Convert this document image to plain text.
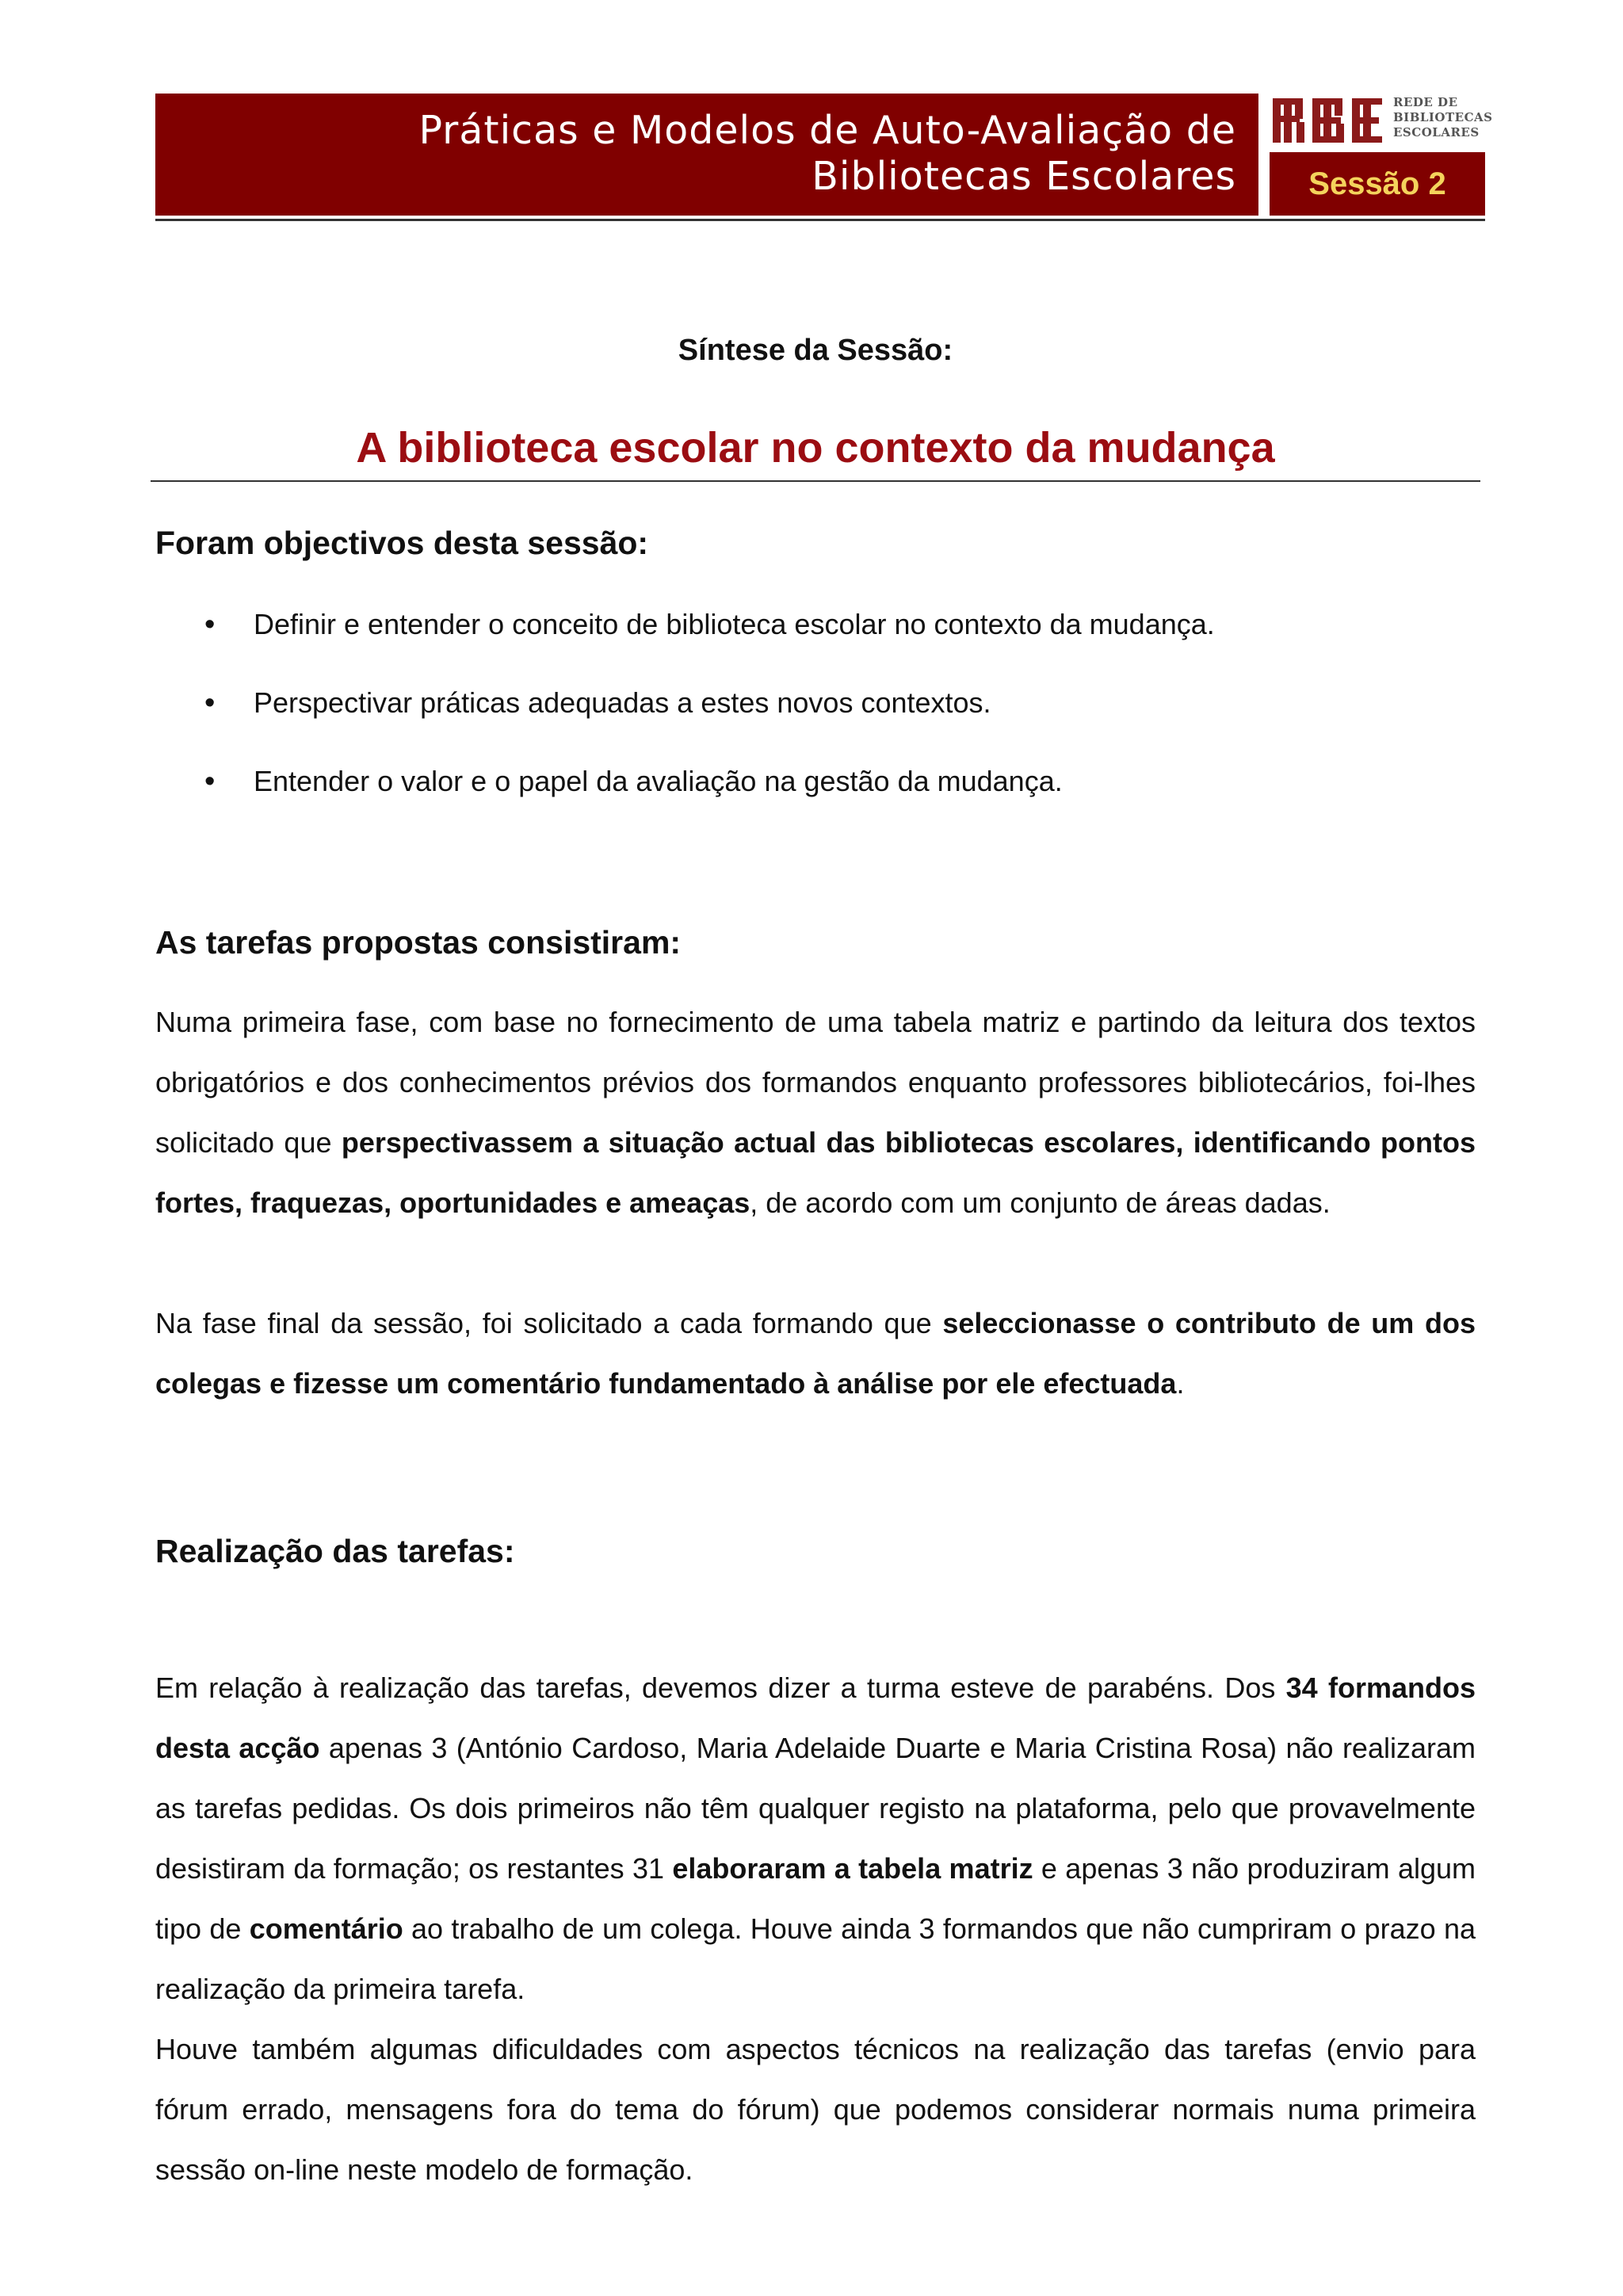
Práticas e Modelos de Auto-Avaliação de
Bibliotecas Escolares
REDE DE
BIBLIOTECAS
ESCOLARES
Sessão 2
Síntese da Sessão:
A biblioteca escolar no contexto da mudança
Foram objectivos desta sessão:
• Definir e entender o conceito de biblioteca escolar no contexto da mudança.
• Perspectivar práticas adequadas a estes novos contextos.
• Entender o valor e o papel da avaliação na gestão da mudança.
As tarefas propostas consistiram:

Numa primeira fase, com base no fornecimento de uma tabela matriz e partindo da leitura dos textos obrigatórios e dos conhecimentos prévios dos formandos enquanto professores bibliotecários, foi-lhes solicitado que perspectivassem a situação actual das bibliotecas escolares, identificando pontos fortes, fraquezas, oportunidades e ameaças, de acordo com um conjunto de áreas dadas.

Na fase final da sessão, foi solicitado a cada formando que seleccionasse o contributo de um dos colegas e fizesse um comentário fundamentado à análise por ele efectuada.

Realização das tarefas:

Em relação à realização das tarefas, devemos dizer a turma esteve de parabéns. Dos 34 formandos desta acção apenas 3 (António Cardoso, Maria Adelaide Duarte e Maria Cristina Rosa) não realizaram as tarefas pedidas. Os dois primeiros não têm qualquer registo na plataforma, pelo que provavelmente desistiram da formação; os restantes 31 elaboraram a tabela matriz e apenas 3 não produziram algum tipo de comentário ao trabalho de um colega. Houve ainda 3 formandos que não cumpriram o prazo na realização da primeira tarefa.

Houve também algumas dificuldades com aspectos técnicos na realização das tarefas (envio para fórum errado, mensagens fora do tema do fórum) que podemos considerar normais numa primeira sessão on-line neste modelo de formação.
